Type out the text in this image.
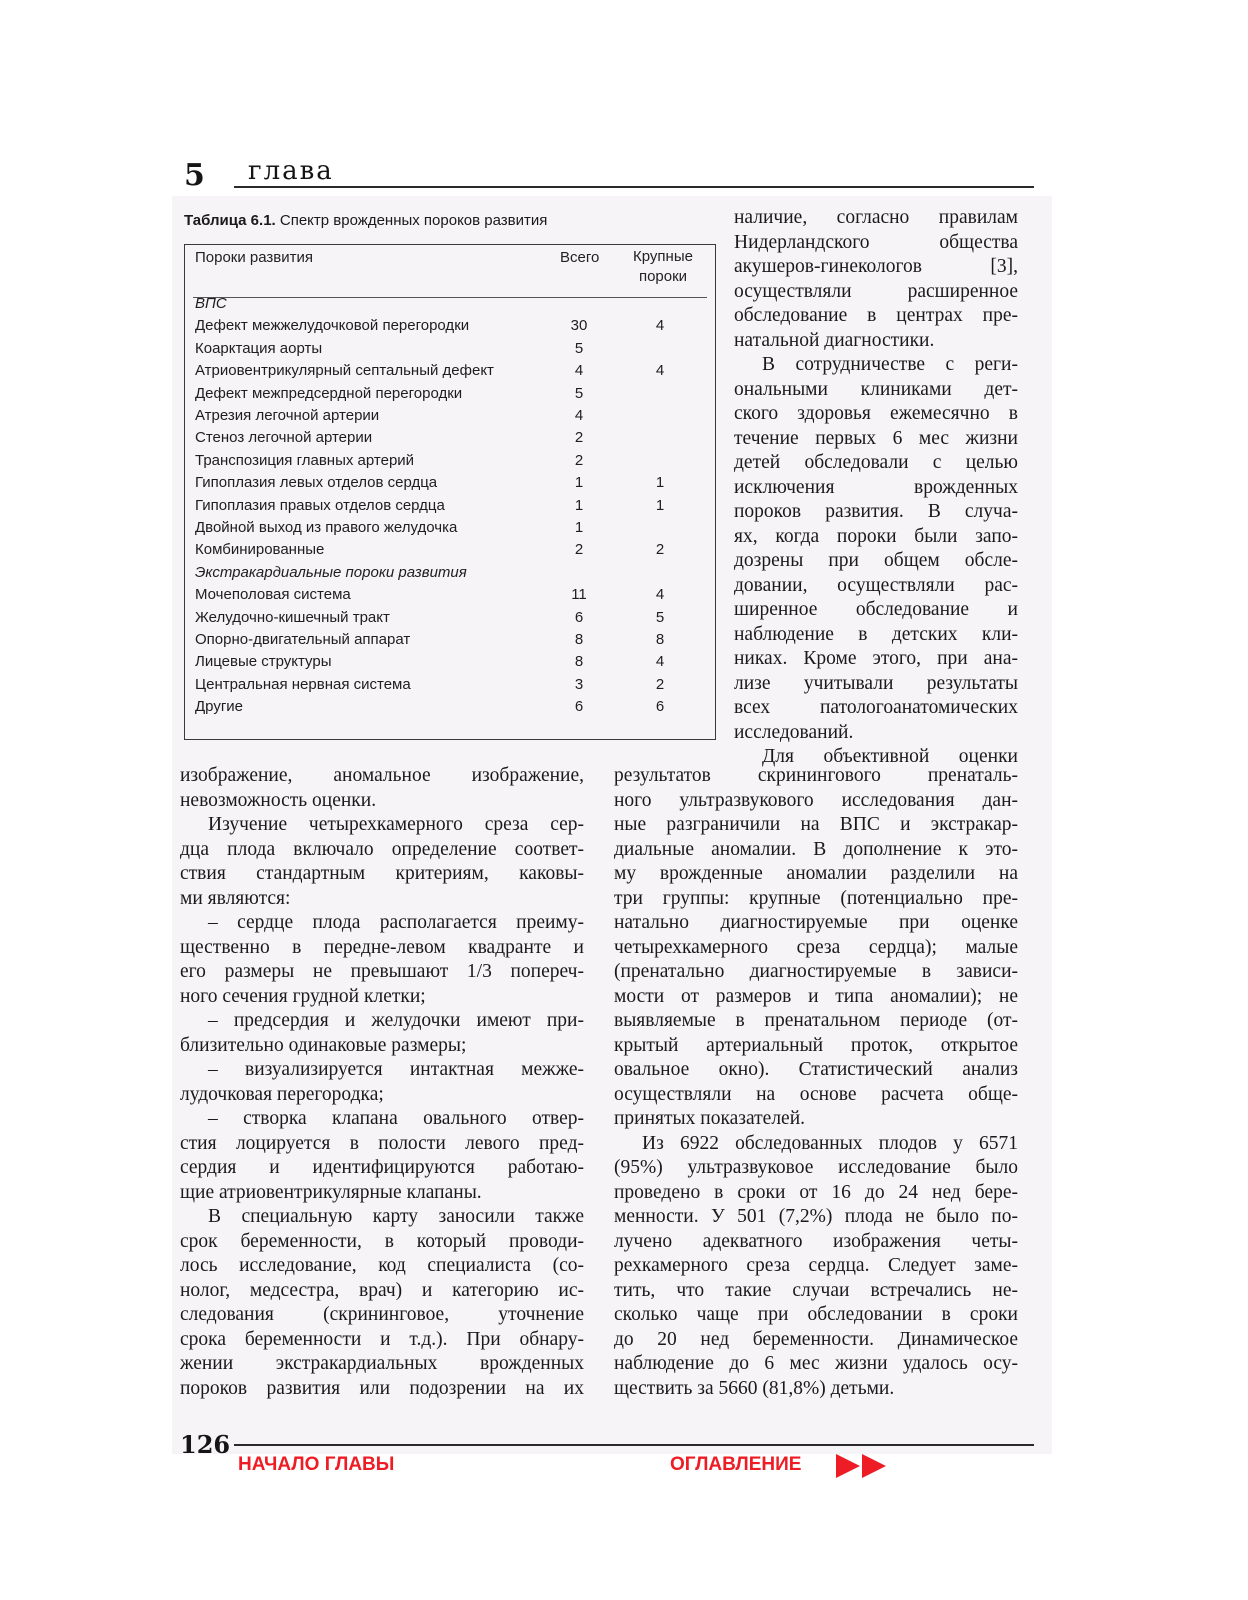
5 глава
Таблица 6.1. Спектр врожденных пороков развития
Пороки развития	Всего	Крупные пороки
ВПС
Дефект межжелудочковой перегородки	30	4
Коарктация аорты	5
Атриовентрикулярный септальный дефект	4	4
Дефект межпредсердной перегородки	5
Атрезия легочной артерии	4
Стеноз легочной артерии	2
Транспозиция главных артерий	2
Гипоплазия левых отделов сердца	1	1
Гипоплазия правых отделов сердца	1	1
Двойной выход из правого желудочка	1
Комбинированные	2	2
Экстракардиальные пороки развития
Мочеполовая система	11	4
Желудочно-кишечный тракт	6	5
Опорно-двигательный аппарат	8	8
Лицевые структуры	8	4
Центральная нервная система	3	2
Другие	6	6
наличие, согласно правилам
Нидерландского общества
акушеров-гинекологов [3],
осуществляли расширенное
обследование в центрах пре-
натальной диагностики.
В сотрудничестве с реги-
ональными клиниками дет-
ского здоровья ежемесячно в
течение первых 6 мес жизни
детей обследовали с целью
исключения врожденных
пороков развития. В случа-
ях, когда пороки были запо-
дозрены при общем обсле-
довании, осуществляли рас-
ширенное обследование и
наблюдение в детских кли-
никах. Кроме этого, при ана-
лизе учитывали результаты
всех патологоанатомических
исследований.
Для объективной оценки
изображение, аномальное изображение,
невозможность оценки.
Изучение четырехкамерного среза сер-
дца плода включало определение соответ-
ствия стандартным критериям, каковы-
ми являются:
– сердце плода располагается преиму-
щественно в передне-левом квадранте и
его размеры не превышают 1/3 попереч-
ного сечения грудной клетки;
– предсердия и желудочки имеют при-
близительно одинаковые размеры;
– визуализируется интактная межже-
лудочковая перегородка;
– створка клапана овального отвер-
стия лоцируется в полости левого пред-
сердия и идентифицируются работаю-
щие атриовентрикулярные клапаны.
В специальную карту заносили также
срок беременности, в который проводи-
лось исследование, код специалиста (со-
нолог, медсестра, врач) и категорию ис-
следования (скрининговое, уточнение
срока беременности и т.д.). При обнару-
жении экстракардиальных врожденных
пороков развития или подозрении на их
результатов скринингового пренаталь-
ного ультразвукового исследования дан-
ные разграничили на ВПС и экстракар-
диальные аномалии. В дополнение к это-
му врожденные аномалии разделили на
три группы: крупные (потенциально пре-
натально диагностируемые при оценке
четырехкамерного среза сердца); малые
(пренатально диагностируемые в зависи-
мости от размеров и типа аномалии); не
выявляемые в пренатальном периоде (от-
крытый артериальный проток, открытое
овальное окно). Статистический анализ
осуществляли на основе расчета обще-
принятых показателей.
Из 6922 обследованных плодов у 6571
(95%) ультразвуковое исследование было
проведено в сроки от 16 до 24 нед бере-
менности. У 501 (7,2%) плода не было по-
лучено адекватного изображения четы-
рехкамерного среза сердца. Следует заме-
тить, что такие случаи встречались не-
сколько чаще при обследовании в сроки
до 20 нед беременности. Динамическое
наблюдение до 6 мес жизни удалось осу-
ществить за 5660 (81,8%) детьми.
126
НАЧАЛО ГЛАВЫ	ОГЛАВЛЕНИЕ
